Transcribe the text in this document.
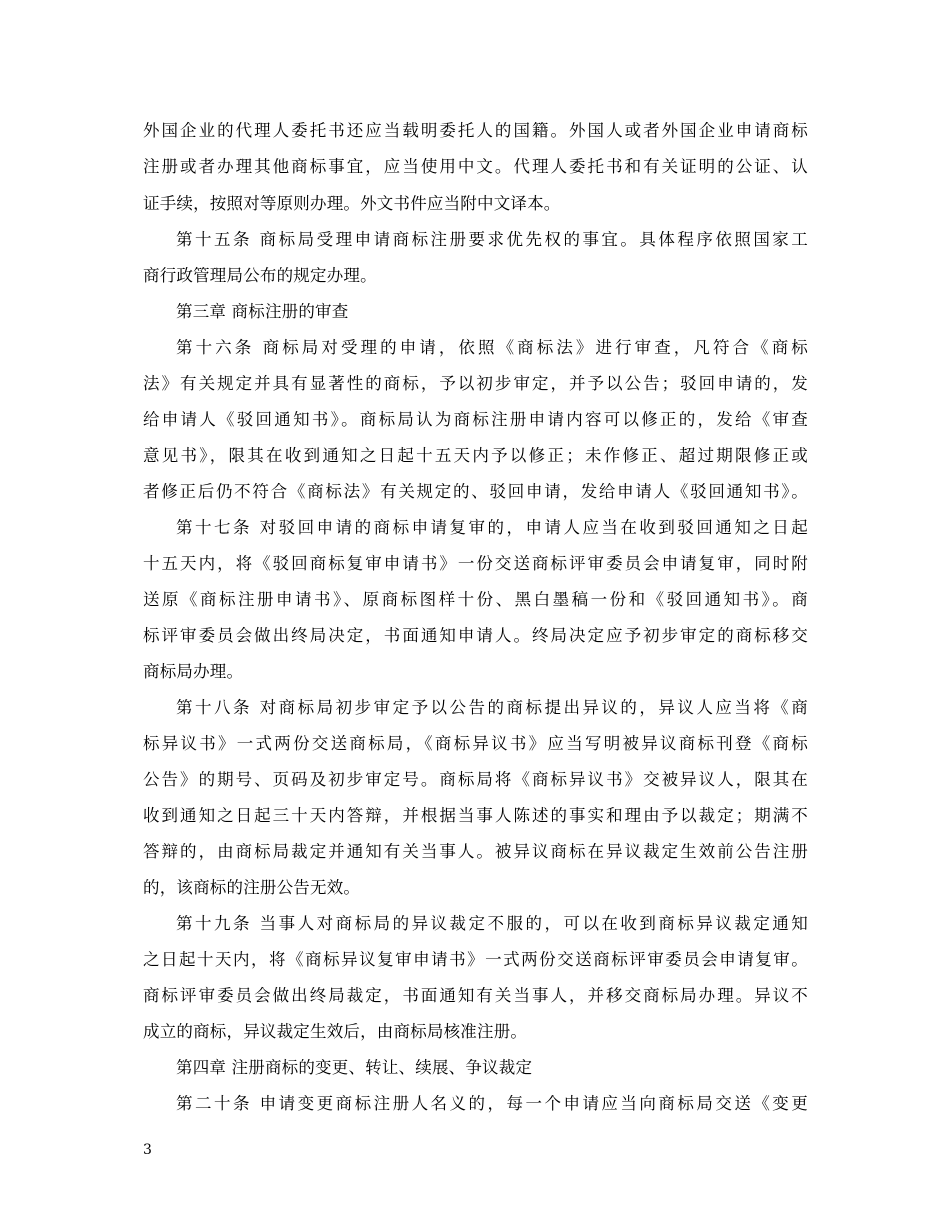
外国企业的代理人委托书还应当载明委托人的国籍。外国人或者外国企业申请商标
注册或者办理其他商标事宜，应当使用中文。代理人委托书和有关证明的公证、认
证手续，按照对等原则办理。外文书件应当附中文译本。
第十五条 商标局受理申请商标注册要求优先权的事宜。具体程序依照国家工
商行政管理局公布的规定办理。
第三章 商标注册的审查
第十六条 商标局对受理的申请，依照《商标法》进行审查，凡符合《商标
法》有关规定并具有显著性的商标，予以初步审定，并予以公告；驳回申请的，发
给申请人《驳回通知书》。商标局认为商标注册申请内容可以修正的，发给《审查
意见书》，限其在收到通知之日起十五天内予以修正；未作修正、超过期限修正或
者修正后仍不符合《商标法》有关规定的、驳回申请，发给申请人《驳回通知书》。
第十七条 对驳回申请的商标申请复审的，申请人应当在收到驳回通知之日起
十五天内，将《驳回商标复审申请书》一份交送商标评审委员会申请复审，同时附
送原《商标注册申请书》、原商标图样十份、黑白墨稿一份和《驳回通知书》。商
标评审委员会做出终局决定，书面通知申请人。终局决定应予初步审定的商标移交
商标局办理。
第十八条 对商标局初步审定予以公告的商标提出异议的，异议人应当将《商
标异议书》一式两份交送商标局，《商标异议书》应当写明被异议商标刊登《商标
公告》的期号、页码及初步审定号。商标局将《商标异议书》交被异议人，限其在
收到通知之日起三十天内答辩，并根据当事人陈述的事实和理由予以裁定；期满不
答辩的，由商标局裁定并通知有关当事人。被异议商标在异议裁定生效前公告注册
的，该商标的注册公告无效。
第十九条 当事人对商标局的异议裁定不服的，可以在收到商标异议裁定通知
之日起十天内，将《商标异议复审申请书》一式两份交送商标评审委员会申请复审。
商标评审委员会做出终局裁定，书面通知有关当事人，并移交商标局办理。异议不
成立的商标，异议裁定生效后，由商标局核准注册。
第四章 注册商标的变更、转让、续展、争议裁定
第二十条 申请变更商标注册人名义的，每一个申请应当向商标局交送《变更
3
